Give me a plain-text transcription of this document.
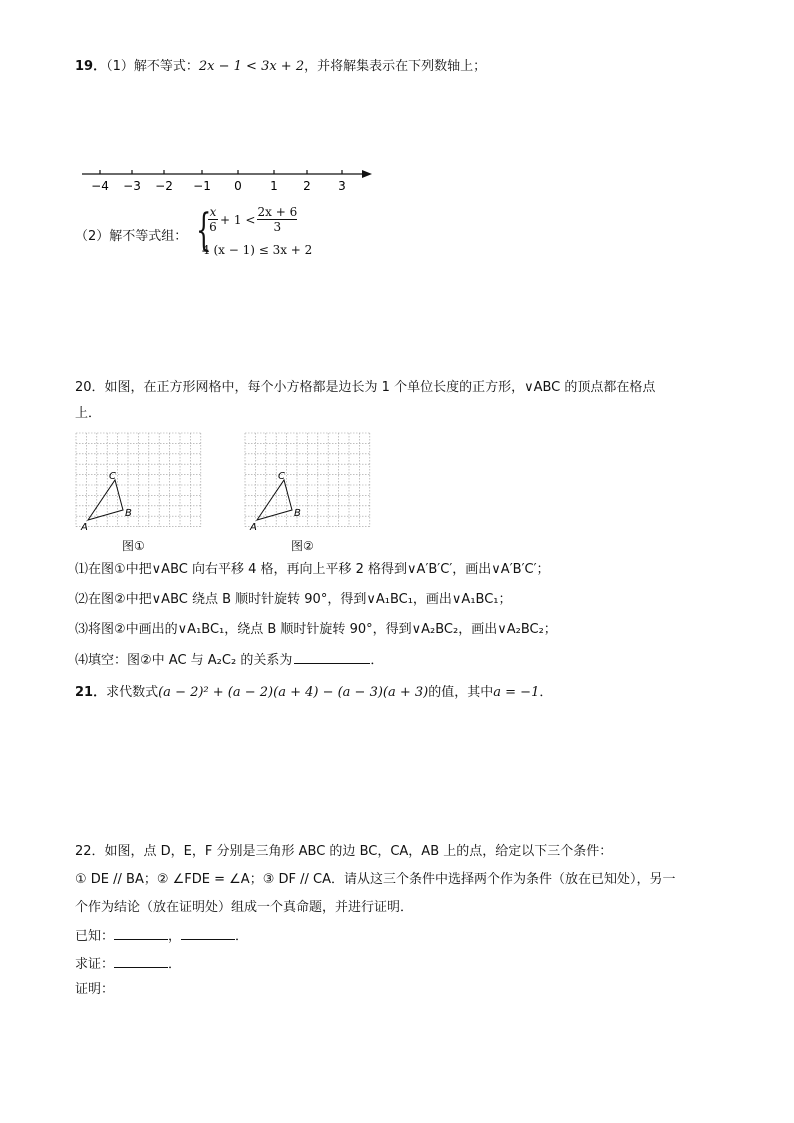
19．（1）解不等式：2x − 1 < 3x + 2，并将解集表示在下列数轴上；
−4 −3 −2 −1 0 1 2 3
（2）解不等式组： {
x
6
+ 1 <
2x + 6
3
4 (x − 1) ≤ 3x + 2
20．如图，在正方形网格中，每个小方格都是边长为 1 个单位长度的正方形，∨ABC 的顶点都在格点
上．
C
A
B
图①
C
A
B
图②
⑴在图①中把∨ABC 向右平移 4 格，再向上平移 2 格得到∨A′B′C′，画出∨A′B′C′；
⑵在图②中把∨ABC 绕点 B 顺时针旋转 90°，得到∨A₁BC₁，画出∨A₁BC₁；
⑶将图②中画出的∨A₁BC₁，绕点 B 顺时针旋转 90°，得到∨A₂BC₂，画出∨A₂BC₂；
⑷填空：图②中 AC 与 A₂C₂ 的关系为	．
21．求代数式(a − 2)² + (a − 2)(a + 4) − (a − 3)(a + 3)的值，其中a = −1．
22．如图，点 D，E，F 分别是三角形 ABC 的边 BC，CA，AB 上的点，给定以下三个条件：
① DE // BA；② ∠FDE = ∠A；③ DF // CA．请从这三个条件中选择两个作为条件（放在已知处），另一
个作为结论（放在证明处）组成一个真命题，并进行证明．
已知：	，	．
求证：	．
证明：
